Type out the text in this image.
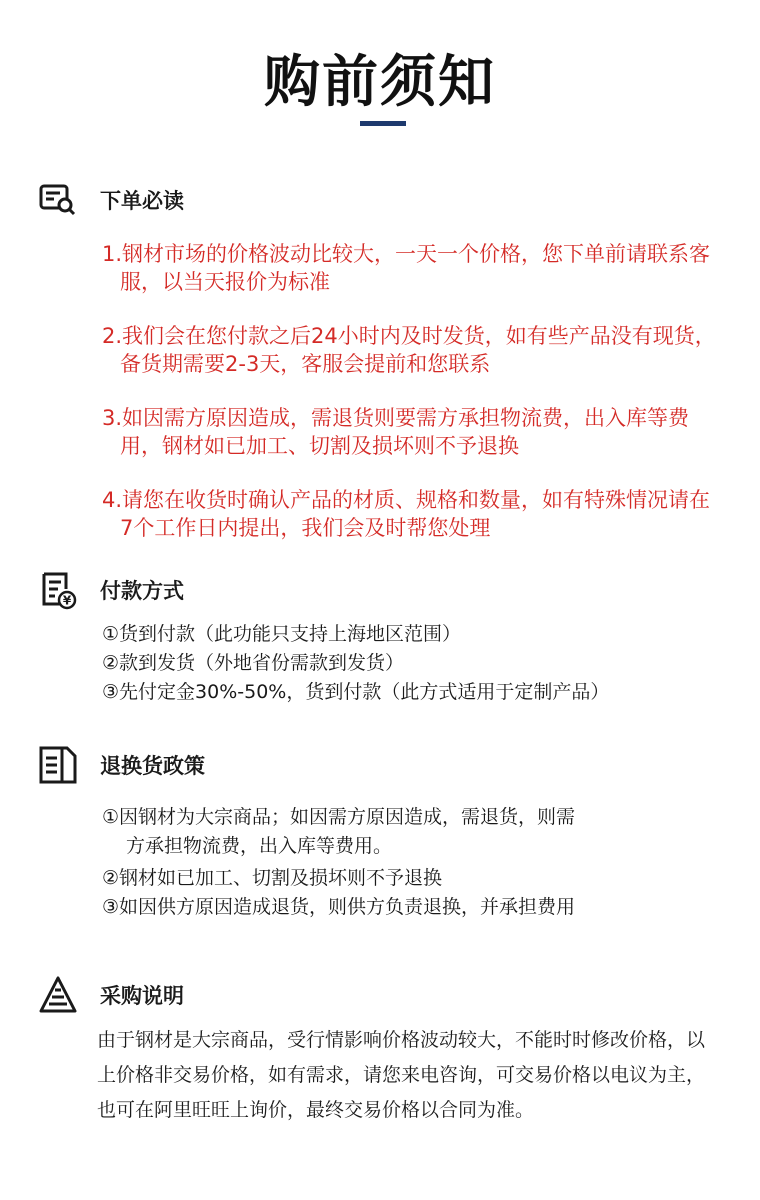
购前须知
下单必读
1.钢材市场的价格波动比较大，一天一个价格，您下单前请联系客服，以当天报价为标准
2.我们会在您付款之后24小时内及时发货，如有些产品没有现货，备货期需要2-3天，客服会提前和您联系
3.如因需方原因造成，需退货则要需方承担物流费，出入库等费用，钢材如已加工、切割及损坏则不予退换
4.请您在收货时确认产品的材质、规格和数量，如有特殊情况请在7个工作日内提出，我们会及时帮您处理
¥ 付款方式
①货到付款（此功能只支持上海地区范围）
②款到发货（外地省份需款到发货）
③先付定金30%-50%，货到付款（此方式适用于定制产品）
退换货政策
①因钢材为大宗商品；如因需方原因造成，需退货，则需方承担物流费，出入库等费用。
②钢材如已加工、切割及损坏则不予退换
③如因供方原因造成退货，则供方负责退换，并承担费用
采购说明
由于钢材是大宗商品，受行情影响价格波动较大，不能时时修改价格，以上价格非交易价格，如有需求，请您来电咨询，可交易价格以电议为主，也可在阿里旺旺上询价，最终交易价格以合同为准。
